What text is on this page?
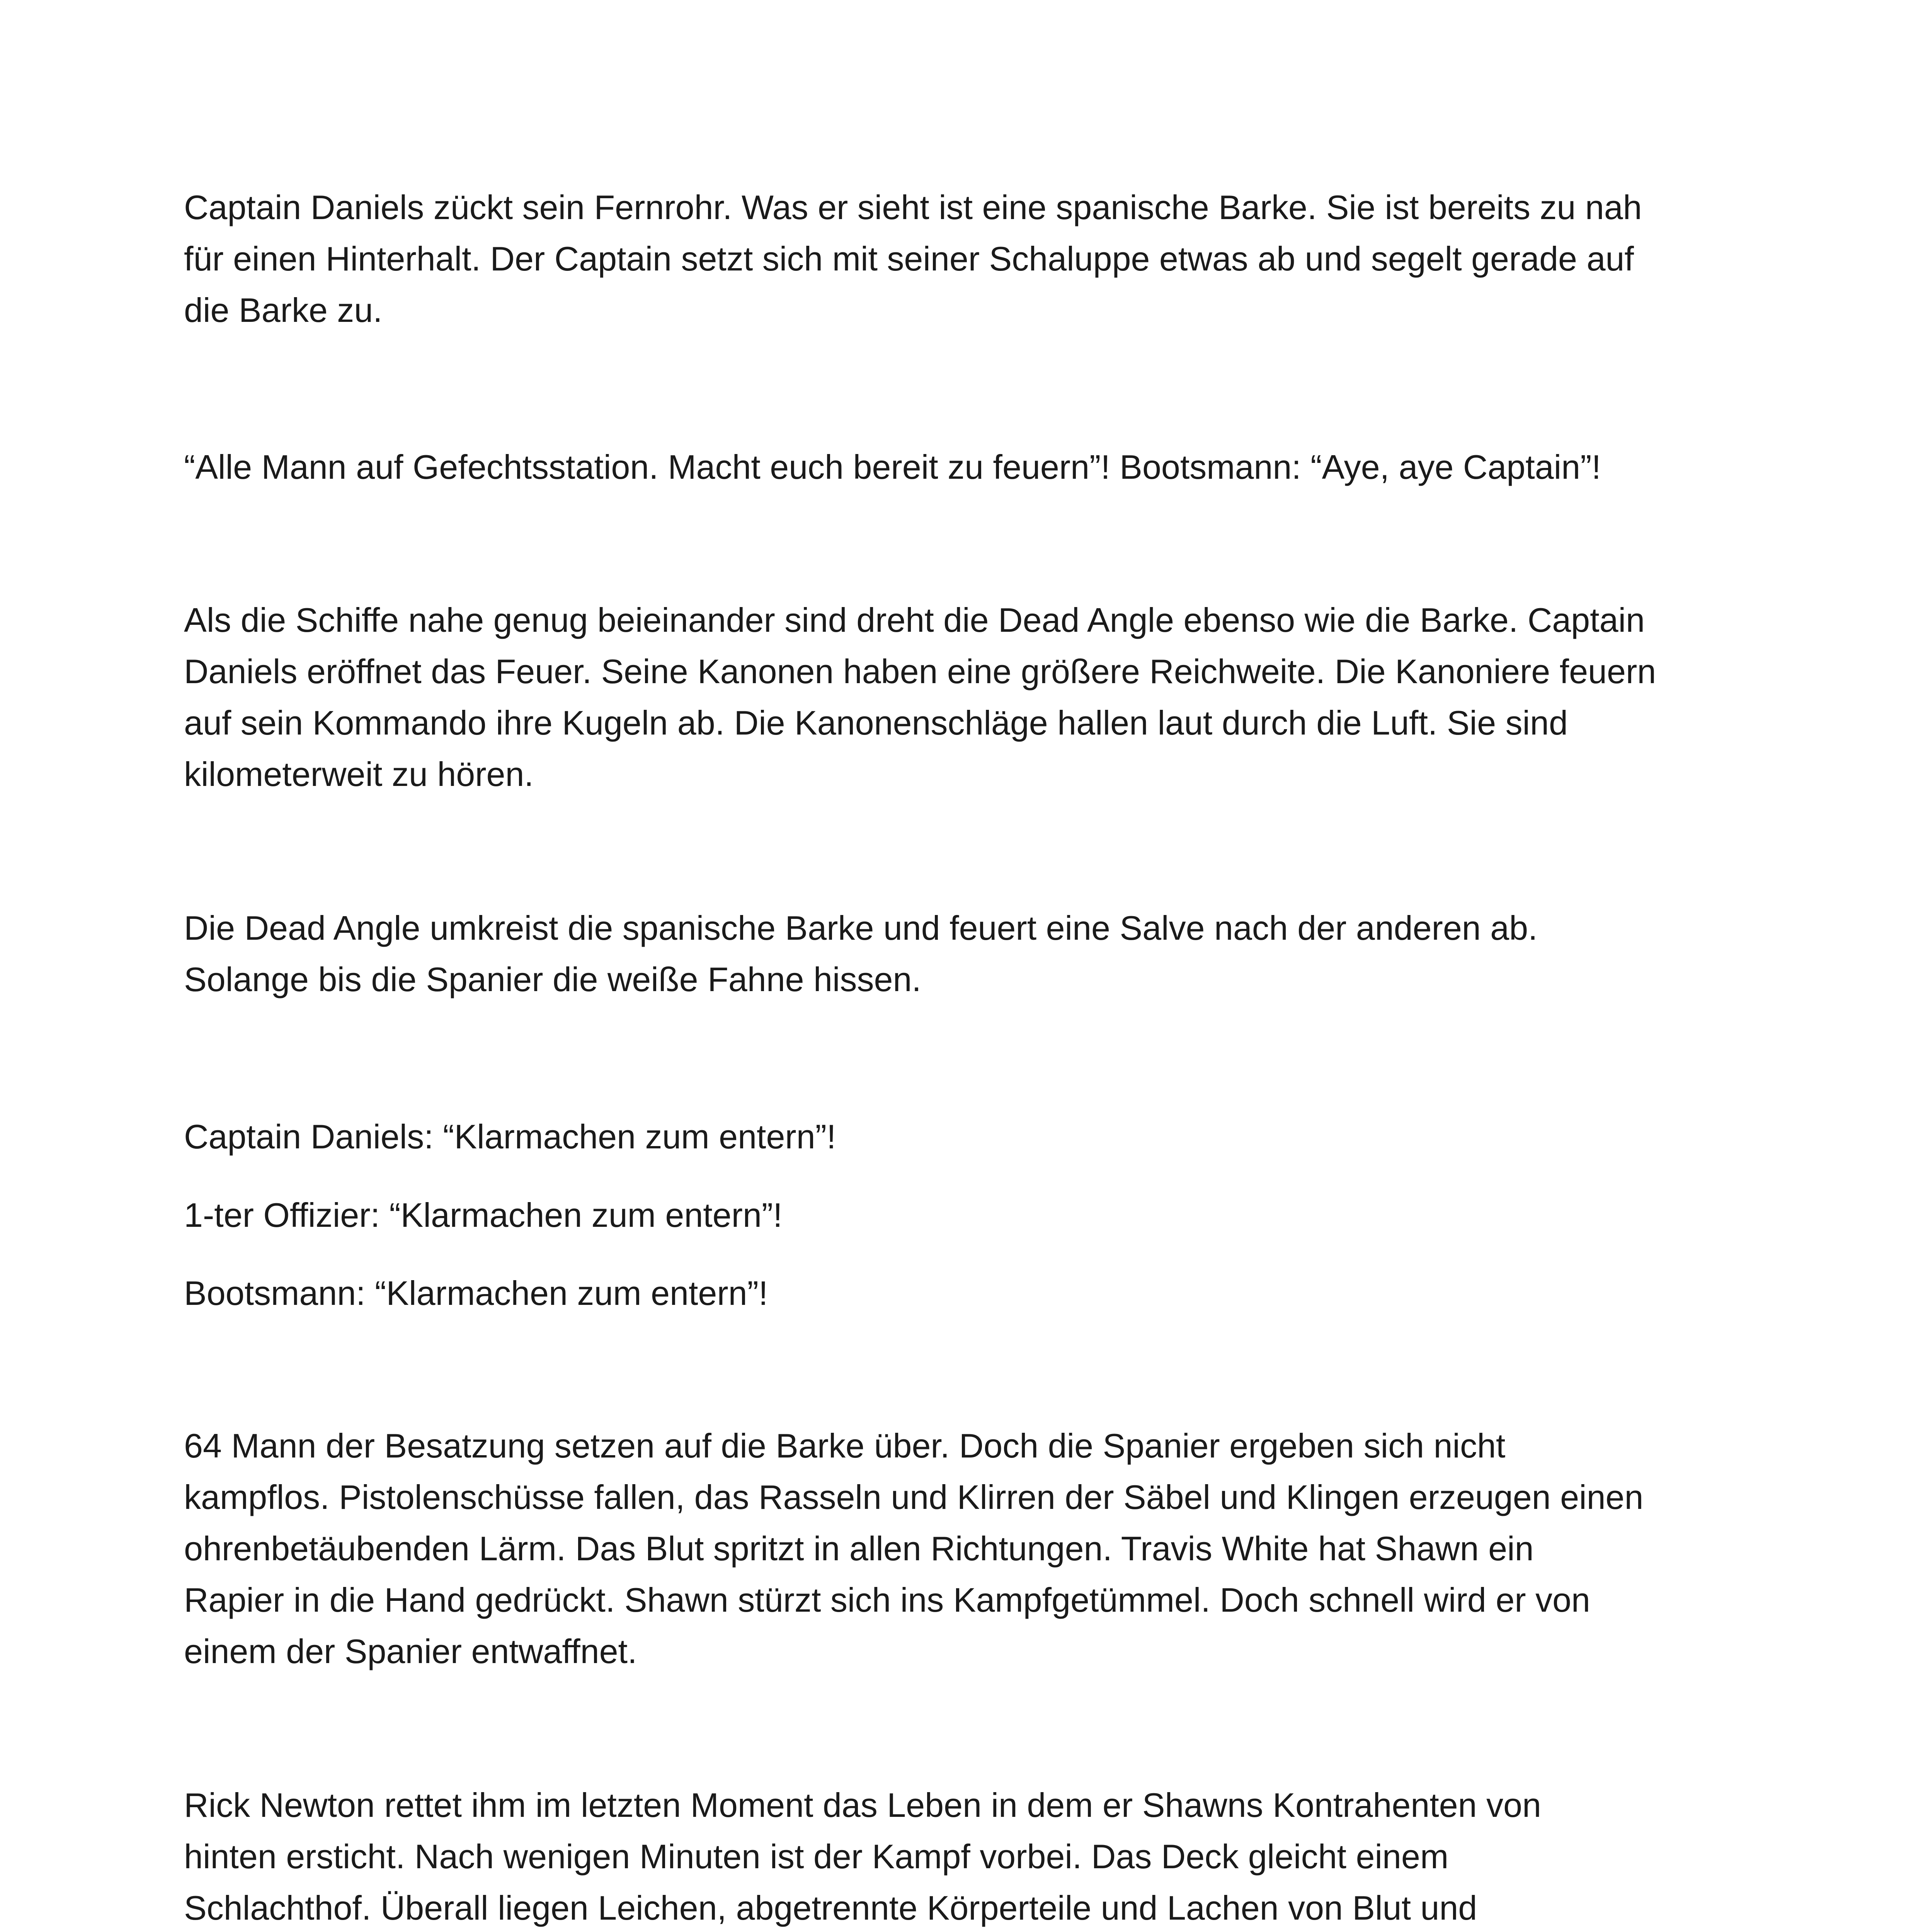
Captain Daniels zückt sein Fernrohr. Was er sieht ist eine spanische Barke. Sie ist bereits zu nah
für einen Hinterhalt. Der Captain setzt sich mit seiner Schaluppe etwas ab und segelt gerade auf
die Barke zu.

“Alle Mann auf Gefechtsstation. Macht euch bereit zu feuern”! Bootsmann: “Aye, aye Captain”!

Als die Schiffe nahe genug beieinander sind dreht die Dead Angle ebenso wie die Barke. Captain
Daniels eröffnet das Feuer. Seine Kanonen haben eine größere Reichweite. Die Kanoniere feuern
auf sein Kommando ihre Kugeln ab. Die Kanonenschläge hallen laut durch die Luft. Sie sind
kilometerweit zu hören.

Die Dead Angle umkreist die spanische Barke und feuert eine Salve nach der anderen ab.
Solange bis die Spanier die weiße Fahne hissen.

Captain Daniels: “Klarmachen zum entern”!

1-ter Offizier: “Klarmachen zum entern”!

Bootsmann: “Klarmachen zum entern”!

64 Mann der Besatzung setzen auf die Barke über. Doch die Spanier ergeben sich nicht
kampflos. Pistolenschüsse fallen, das Rasseln und Klirren der Säbel und Klingen erzeugen einen
ohrenbetäubenden Lärm. Das Blut spritzt in allen Richtungen. Travis White hat Shawn ein
Rapier in die Hand gedrückt. Shawn stürzt sich ins Kampfgetümmel. Doch schnell wird er von
einem der Spanier entwaffnet.

Rick Newton rettet ihm im letzten Moment das Leben in dem er Shawns Kontrahenten von
hinten ersticht. Nach wenigen Minuten ist der Kampf vorbei. Das Deck gleicht einem
Schlachthof. Überall liegen Leichen, abgetrennte Körperteile und Lachen von Blut und
